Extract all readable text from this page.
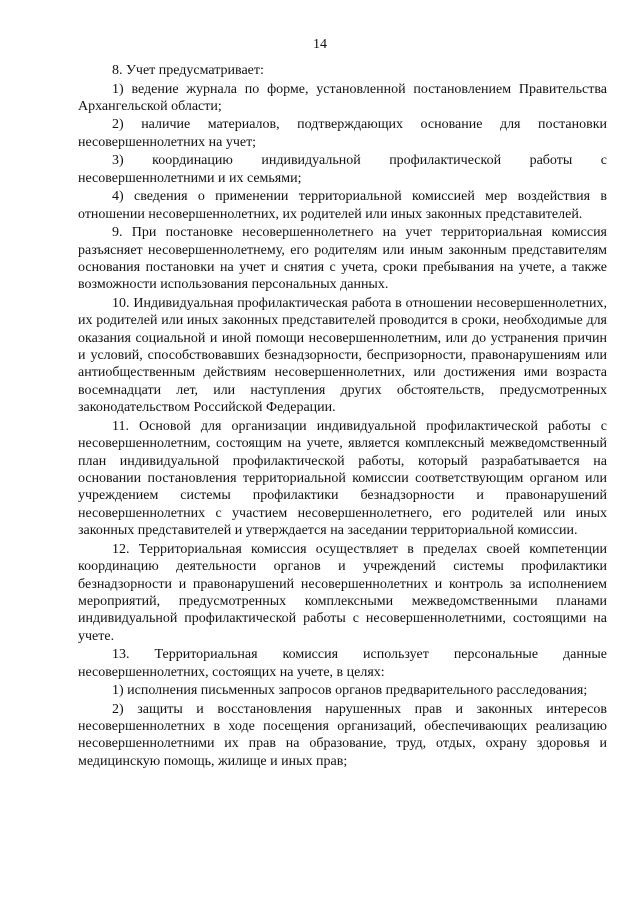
14

8. Учет предусматривает:

1) ведение журнала по форме, установленной постановлением Правительства Архангельской области;

2) наличие материалов, подтверждающих основание для постановки несовершеннолетних на учет;

3) координацию индивидуальной профилактической работы с несовершеннолетними и их семьями;

4) сведения о применении территориальной комиссией мер воздействия в отношении несовершеннолетних, их родителей или иных законных представителей.

9. При постановке несовершеннолетнего на учет территориальная комиссия разъясняет несовершеннолетнему, его родителям или иным законным представителям основания постановки на учет и снятия с учета, сроки пребывания на учете, а также возможности использования персональных данных.

10. Индивидуальная профилактическая работа в отношении несовершеннолетних, их родителей или иных законных представителей проводится в сроки, необходимые для оказания социальной и иной помощи несовершеннолетним, или до устранения причин и условий, способствовавших безнадзорности, беспризорности, правонарушениям или антиобщественным действиям несовершеннолетних, или достижения ими возраста восемнадцати лет, или наступления других обстоятельств, предусмотренных законодательством Российской Федерации.

11. Основой для организации индивидуальной профилактической работы с несовершеннолетним, состоящим на учете, является комплексный межведомственный план индивидуальной профилактической работы, который разрабатывается на основании постановления территориальной комиссии соответствующим органом или учреждением системы профилактики безнадзорности и правонарушений несовершеннолетних с участием несовершеннолетнего, его родителей или иных законных представителей и утверждается на заседании территориальной комиссии.

12. Территориальная комиссия осуществляет в пределах своей компетенции координацию деятельности органов и учреждений системы профилактики безнадзорности и правонарушений несовершеннолетних и контроль за исполнением мероприятий, предусмотренных комплексными межведомственными планами индивидуальной профилактической работы с несовершеннолетними, состоящими на учете.

13. Территориальная комиссия использует персональные данные несовершеннолетних, состоящих на учете, в целях:

1) исполнения письменных запросов органов предварительного расследования;

2) защиты и восстановления нарушенных прав и законных интересов несовершеннолетних в ходе посещения организаций, обеспечивающих реализацию несовершеннолетними их прав на образование, труд, отдых, охрану здоровья и медицинскую помощь, жилище и иных прав;
